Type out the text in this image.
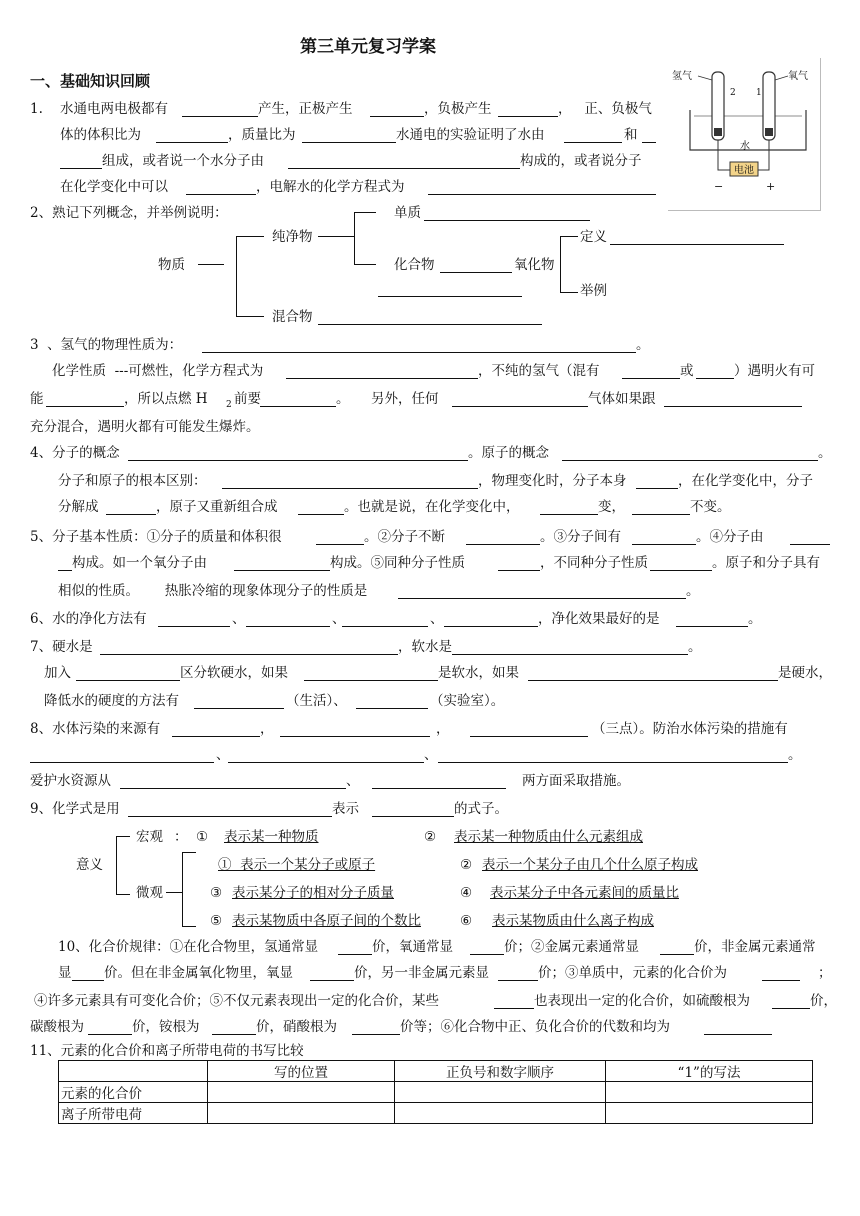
第三单元复习学案
一、基础知识回顾	氢气	氧气
2 1
水
电池
−	+
1.    水通电两电极都有	产生，正极产生	，负极产生	，   正、负极气
体的体积比为	，质量比为	水通电的实验证明了水由	和
组成，或者说一个水分子由	构成的，或者说分子
在化学变化中可以	，电解水的化学方程式为
2、熟记下列概念，并举例说明：
物质
纯净物
单质
化合物	氧化物
定义
举例
混合物
3  、氢气的物理性质为：	。
化学性质  ---可燃性，化学方程式为	，不纯的氢气（混有	或	）遇明火有可
能	，所以点燃 H 2 前要	。     另外，任何	气体如果跟
充分混合，遇明火都有可能发生爆炸。
4、分子的概念	。原子的概念	。
分子和原子的根本区别：	，物理变化时，分子本身	，在化学变化中，分子
分解成	，原子又重新组合成	。也就是说，在化学变化中，	变，	不变。
5、分子基本性质：①分子的质量和体积很	。②分子不断	。③分子间有	。④分子由
构成。如一个氧分子由	构成。⑤同种分子性质	，不同种分子性质	。原子和分子具有
相似的性质。      热胀冷缩的现象体现分子的性质是	。
6、水的净化方法有	、	、	、	，净化效果最好的是	。
7、硬水是	，软水是	。
加入	区分软硬水，如果	是软水，如果	是硬水，
降低水的硬度的方法有	（生活）、	（实验室）。
8、水体污染的来源有	，	，	（三点）。防治水体污染的措施有
、	、	。
爱护水资源从	、	两方面采取措施。
9、化学式是用	表示	的式子。
意义
宏观 ： ① 表示某一种物质	② 表示某一种物质由什么元素组成
微观
①  表示一个某分子或原子	② 表示一个某分子由几个什么原子构成
③ 表示某分子的相对分子质量	④ 表示某分子中各元素间的质量比
⑤ 表示某物质中各原子间的个数比	⑥ 表示某物质由什么离子构成
10、化合价规律：①在化合物里，氢通常显	价，氧通常显	价；②金属元素通常显	价，非金属元素通常
显 价。但在非金属氧化物里，氧显	价，另一非金属元素显	价；③单质中，元素的化合价为	；
④许多元素具有可变化合价；⑤不仅元素表现出一定的化合价，某些	也表现出一定的化合价，如硫酸根为	价，
碳酸根为	价，铵根为	价，硝酸根为	价等；⑥化合物中正、负化合价的代数和均为
11、元素的化合价和离子所带电荷的书写比较
	写的位置	正负号和数字顺序	“1”的写法
元素的化合价			
离子所带电荷			
